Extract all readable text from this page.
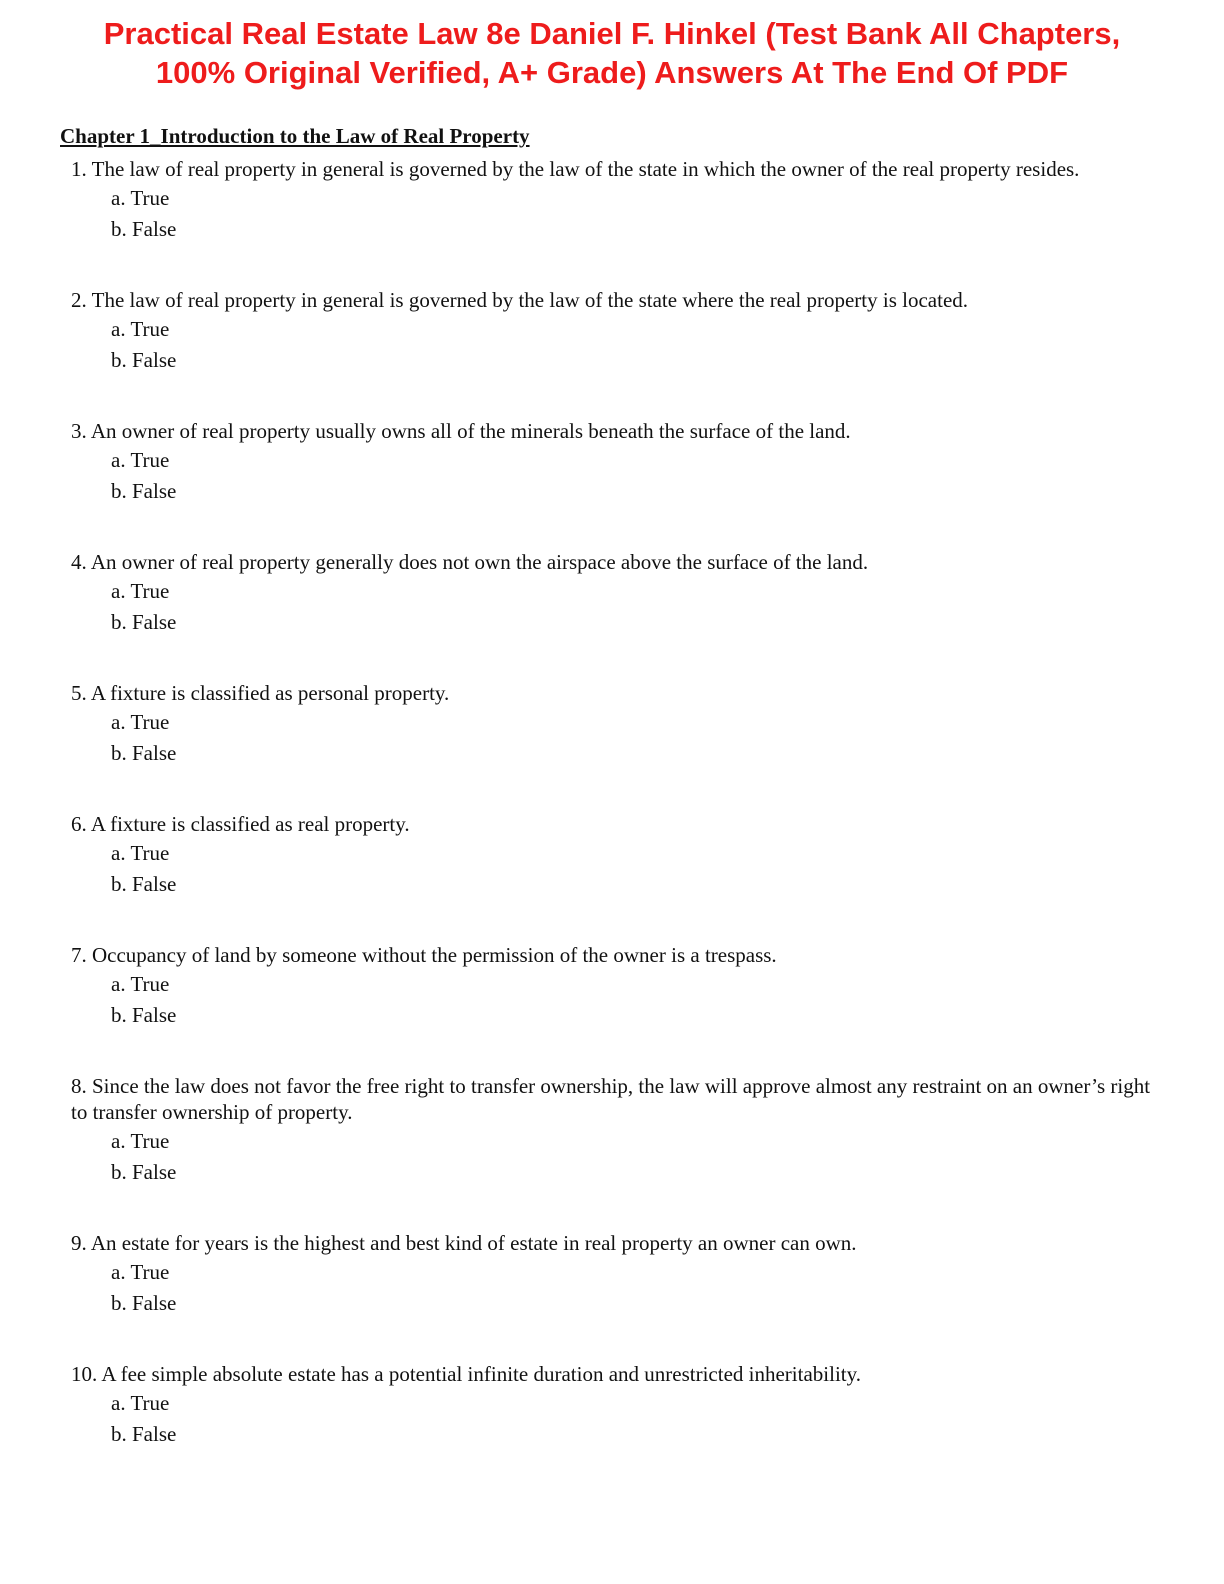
Practical Real Estate Law 8e Daniel F. Hinkel (Test Bank All Chapters,
100% Original Verified, A+ Grade) Answers At The End Of PDF
Chapter 1_Introduction to the Law of Real Property

1. The law of real property in general is governed by the law of the state in which the owner of the real property resides.

a. True

b. False

2. The law of real property in general is governed by the law of the state where the real property is located.

a. True

b. False

3. An owner of real property usually owns all of the minerals beneath the surface of the land.

a. True

b. False

4. An owner of real property generally does not own the airspace above the surface of the land.

a. True

b. False

5. A fixture is classified as personal property.

a. True

b. False

6. A fixture is classified as real property.

a. True

b. False

7. Occupancy of land by someone without the permission of the owner is a trespass.

a. True

b. False

8. Since the law does not favor the free right to transfer ownership, the law will approve almost any restraint on an owner’s right to transfer ownership of property.

a. True

b. False

9. An estate for years is the highest and best kind of estate in real property an owner can own.

a. True

b. False

10. A fee simple absolute estate has a potential infinite duration and unrestricted inheritability.

a. True

b. False
